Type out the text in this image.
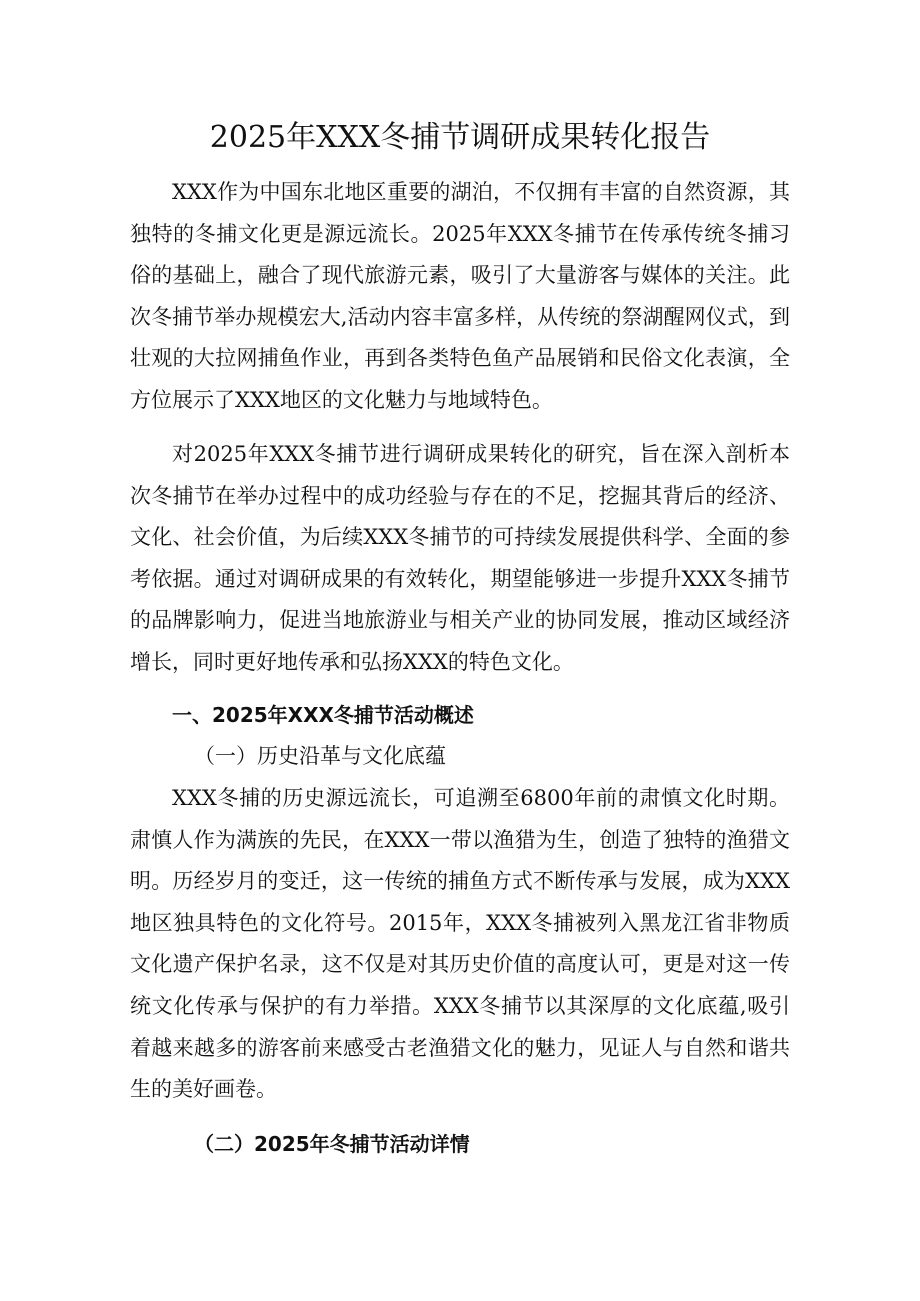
2025年XXX冬捕节调研成果转化报告

XXX作为中国东北地区重要的湖泊，不仅拥有丰富的自然资源，其独特的冬捕文化更是源远流长。2025年XXX冬捕节在传承传统冬捕习俗的基础上，融合了现代旅游元素，吸引了大量游客与媒体的关注。此次冬捕节举办规模宏大,活动内容丰富多样，从传统的祭湖醒网仪式，到壮观的大拉网捕鱼作业，再到各类特色鱼产品展销和民俗文化表演，全方位展示了XXX地区的文化魅力与地域特色。

对2025年XXX冬捕节进行调研成果转化的研究，旨在深入剖析本次冬捕节在举办过程中的成功经验与存在的不足，挖掘其背后的经济、文化、社会价值，为后续XXX冬捕节的可持续发展提供科学、全面的参考依据。通过对调研成果的有效转化，期望能够进一步提升XXX冬捕节的品牌影响力，促进当地旅游业与相关产业的协同发展，推动区域经济增长，同时更好地传承和弘扬XXX的特色文化。

一、2025年XXX冬捕节活动概述
（一）历史沿革与文化底蕴

XXX冬捕的历史源远流长，可追溯至6800年前的肃慎文化时期。肃慎人作为满族的先民，在XXX一带以渔猎为生，创造了独特的渔猎文明。历经岁月的变迁，这一传统的捕鱼方式不断传承与发展，成为XXX地区独具特色的文化符号。2015年，XXX冬捕被列入黑龙江省非物质文化遗产保护名录，这不仅是对其历史价值的高度认可，更是对这一传统文化传承与保护的有力举措。XXX冬捕节以其深厚的文化底蕴,吸引着越来越多的游客前来感受古老渔猎文化的魅力，见证人与自然和谐共生的美好画卷。

（二）2025年冬捕节活动详情
